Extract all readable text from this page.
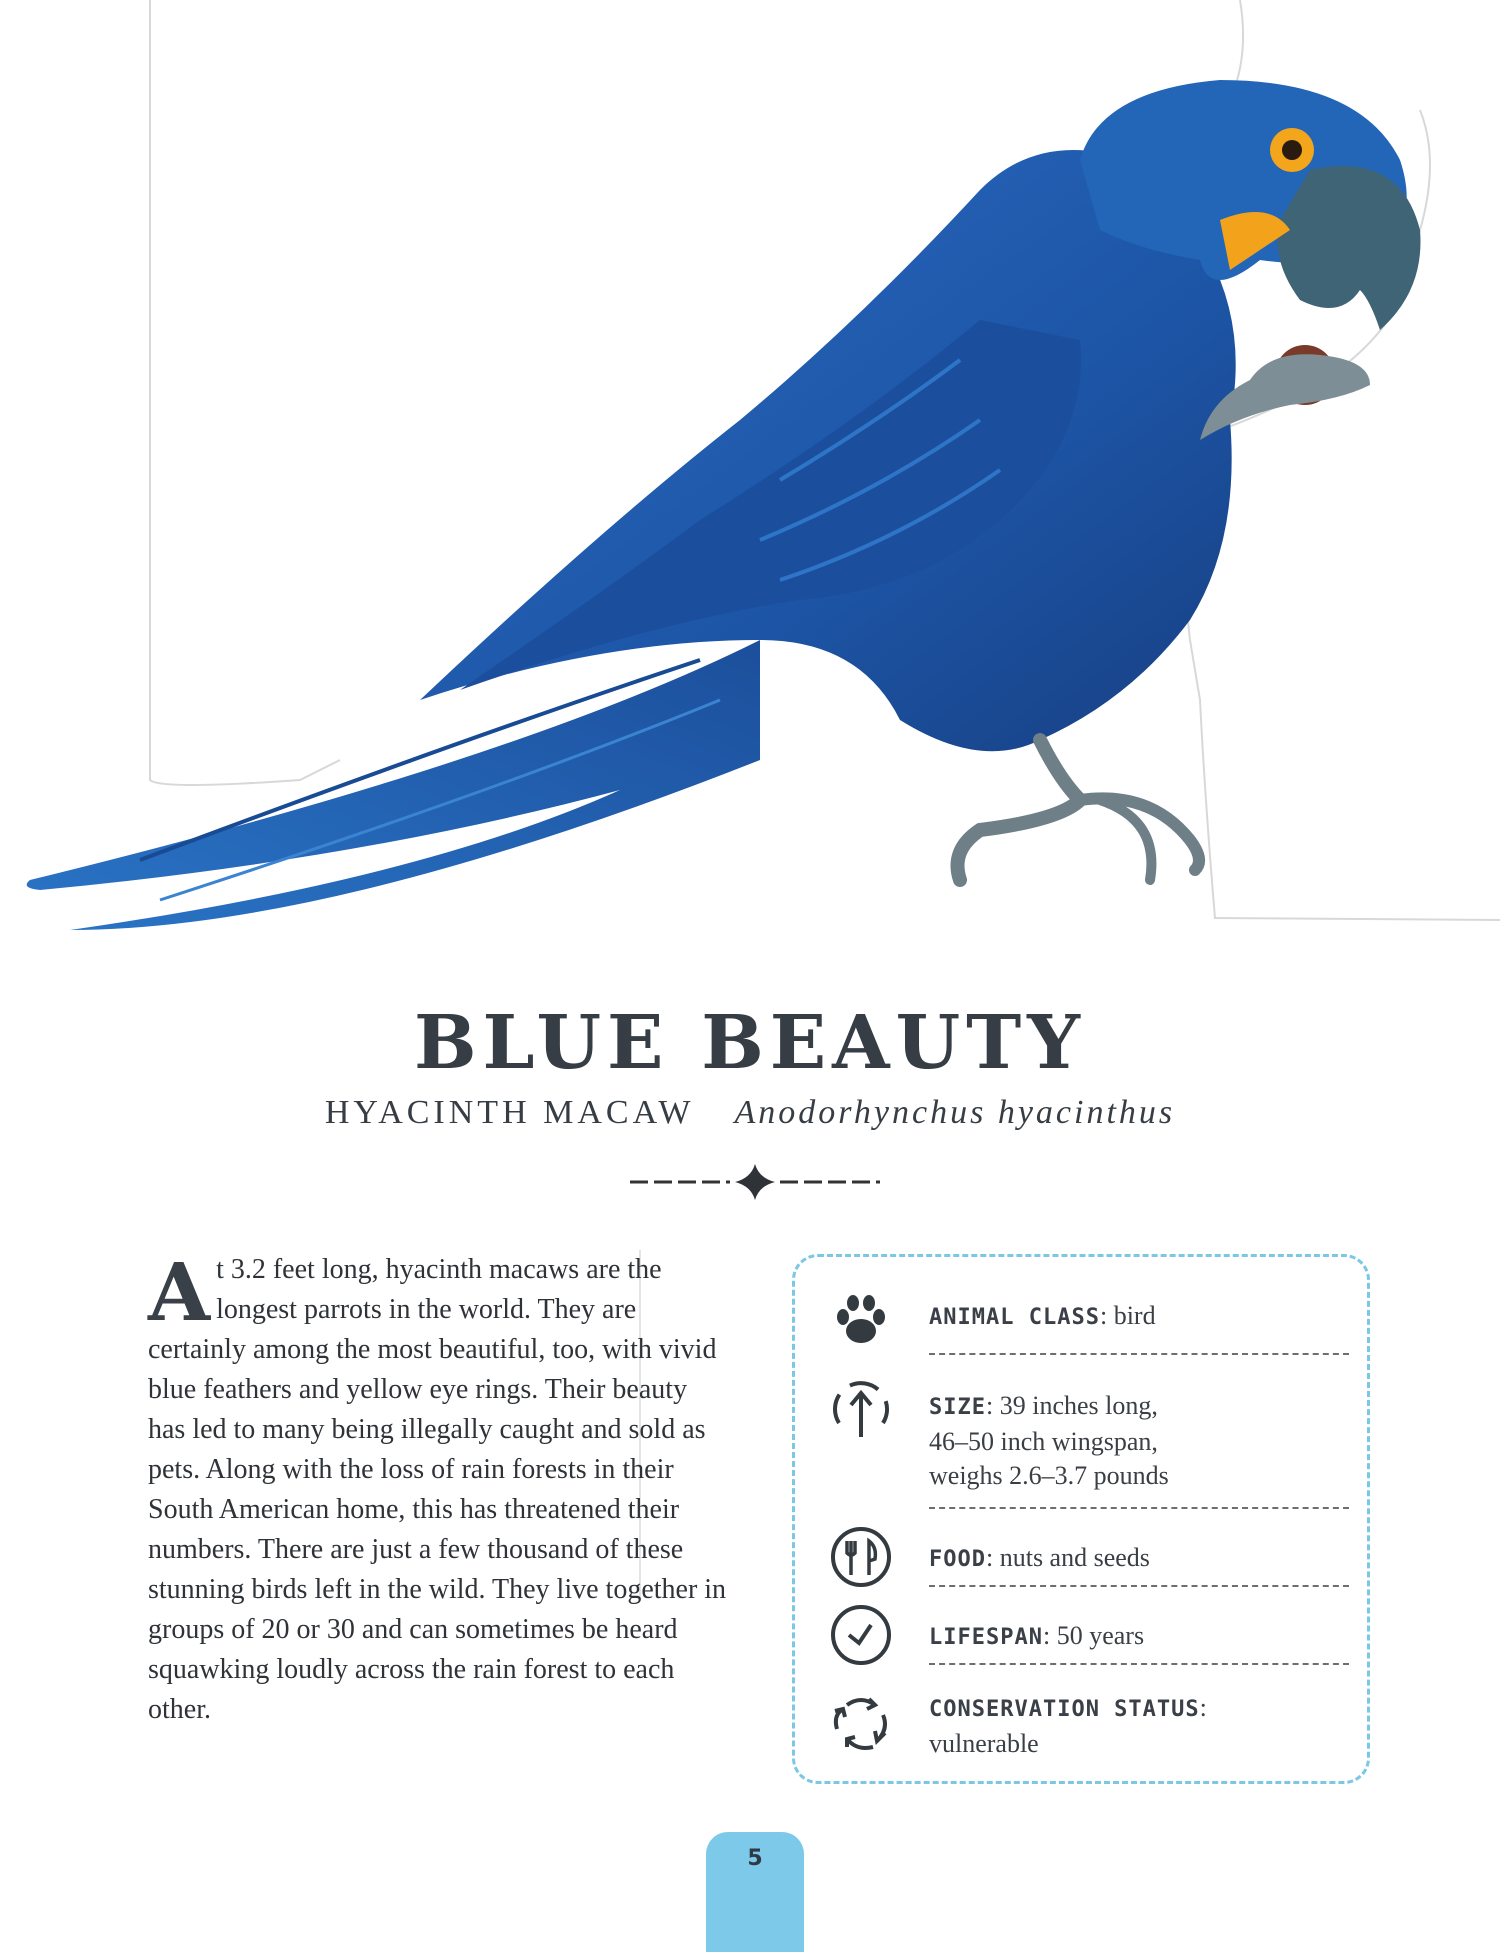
BLUE BEAUTY
HYACINTH MACAW Anodorhynchus hyacinthus

At 3.2 feet long, hyacinth macaws are the longest parrots in the world. They are certainly among the most beautiful, too, with vivid blue feathers and yellow eye rings. Their beauty has led to many being illegally caught and sold as pets. Along with the loss of rain forests in their South American home, this has threatened their numbers. There are just a few thousand of these stunning birds left in the wild. They live together in groups of 20 or 30 and can sometimes be heard squawking loudly across the rain forest to each other.

ANIMAL CLASS: bird
SIZE: 39 inches long,
46–50 inch wingspan,
weighs 2.6–3.7 pounds
FOOD: nuts and seeds
LIFESPAN: 50 years
CONSERVATION STATUS:
vulnerable
5
